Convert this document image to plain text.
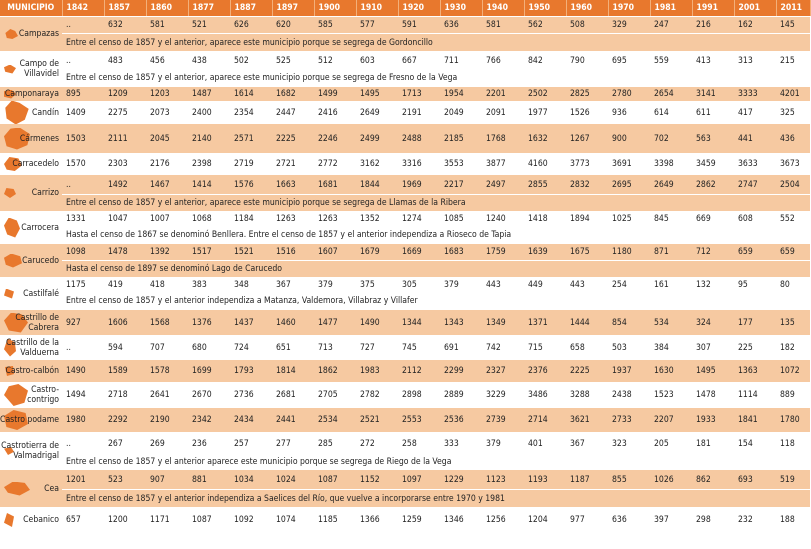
MUNICIPIO	1842	1857	1860	1877	1887	1897	1900	1910	1920	1930	1940	1950	1960	1970	1981	1991	2001	2011

Campazas	..	632	581	521	626	620	585	577	591	636	581	562	508	329	247	216	162	145
	Entre el censo de 1857 y el anterior, aparece este municipio porque se segrega de Gordoncillo																	

Campo de Villavidel	..	483	456	438	502	525	512	603	667	711	766	842	790	695	559	413	313	215
	Entre el censo de 1857 y el anterior, aparece este municipio porque se segrega de Fresno de la Vega																	

Camponaraya	895	1209	1203	1487	1614	1682	1499	1495	1713	1954	2201	2502	2825	2780	2654	3141	3333	4201

Candín	1409	2275	2073	2400	2354	2447	2416	2649	2191	2049	2091	1977	1526	936	614	611	417	325

Cármenes	1503	2111	2045	2140	2571	2225	2246	2499	2488	2185	1768	1632	1267	900	702	563	441	436

Carracedelo	1570	2303	2176	2398	2719	2721	2772	3162	3316	3553	3877	4160	3773	3691	3398	3459	3633	3673

Carrizo	..	1492	1467	1414	1576	1663	1681	1844	1969	2217	2497	2855	2832	2695	2649	2862	2747	2504
	Entre el censo de 1857 y el anterior, aparece este municipio porque se segrega de Llamas de la Ribera																	

Carrocera	1331	1047	1007	1068	1184	1263	1263	1352	1274	1085	1240	1418	1894	1025	845	669	608	552
	Hasta el censo de 1867 se denominó Benllera. Entre el censo de 1857 y el anterior independiza a Rioseco de Tapia																	

Carucedo	1098	1478	1392	1517	1521	1516	1607	1679	1669	1683	1759	1639	1675	1180	871	712	659	659
	Hasta el censo de 1897 se denominó Lago de Carucedo																	

Castilfalé	1175	419	418	383	348	367	379	375	305	379	443	449	443	254	161	132	95	80
	Entre el censo de 1857 y el anterior independiza a Matanza, Valdemora, Villabraz y Villafer																	

Castrillo de Cabrera	927	1606	1568	1376	1437	1460	1477	1490	1344	1343	1349	1371	1444	854	534	324	177	135

Castrillo de la Valduerna	..	594	707	680	724	651	713	727	745	691	742	715	658	503	384	307	225	182

Castro-calbón	1490	1589	1578	1699	1793	1814	1862	1983	2112	2299	2327	2376	2225	1937	1630	1495	1363	1072

Castro-contrigo	1494	2718	2641	2670	2736	2681	2705	2782	2898	2889	3229	3486	3288	2438	1523	1478	1114	889

Castro podame	1980	2292	2190	2342	2434	2441	2534	2521	2553	2536	2739	2714	3621	2733	2207	1933	1841	1780

Castrotierra de Valmadrigal	..	267	269	236	257	277	285	272	258	333	379	401	367	323	205	181	154	118
	Entre el censo de 1857 y el anterior aparece este municipio porque se segrega de Riego de la Vega																	

Cea	1201	523	907	881	1034	1024	1087	1152	1097	1229	1123	1193	1187	855	1026	862	693	519
	Entre el censo de 1857 y el anterior independiza a Saelices del Río, que vuelve a incorporarse entre 1970 y 1981																	

Cebanico	657	1200	1171	1087	1092	1074	1185	1366	1259	1346	1256	1204	977	636	397	298	232	188
